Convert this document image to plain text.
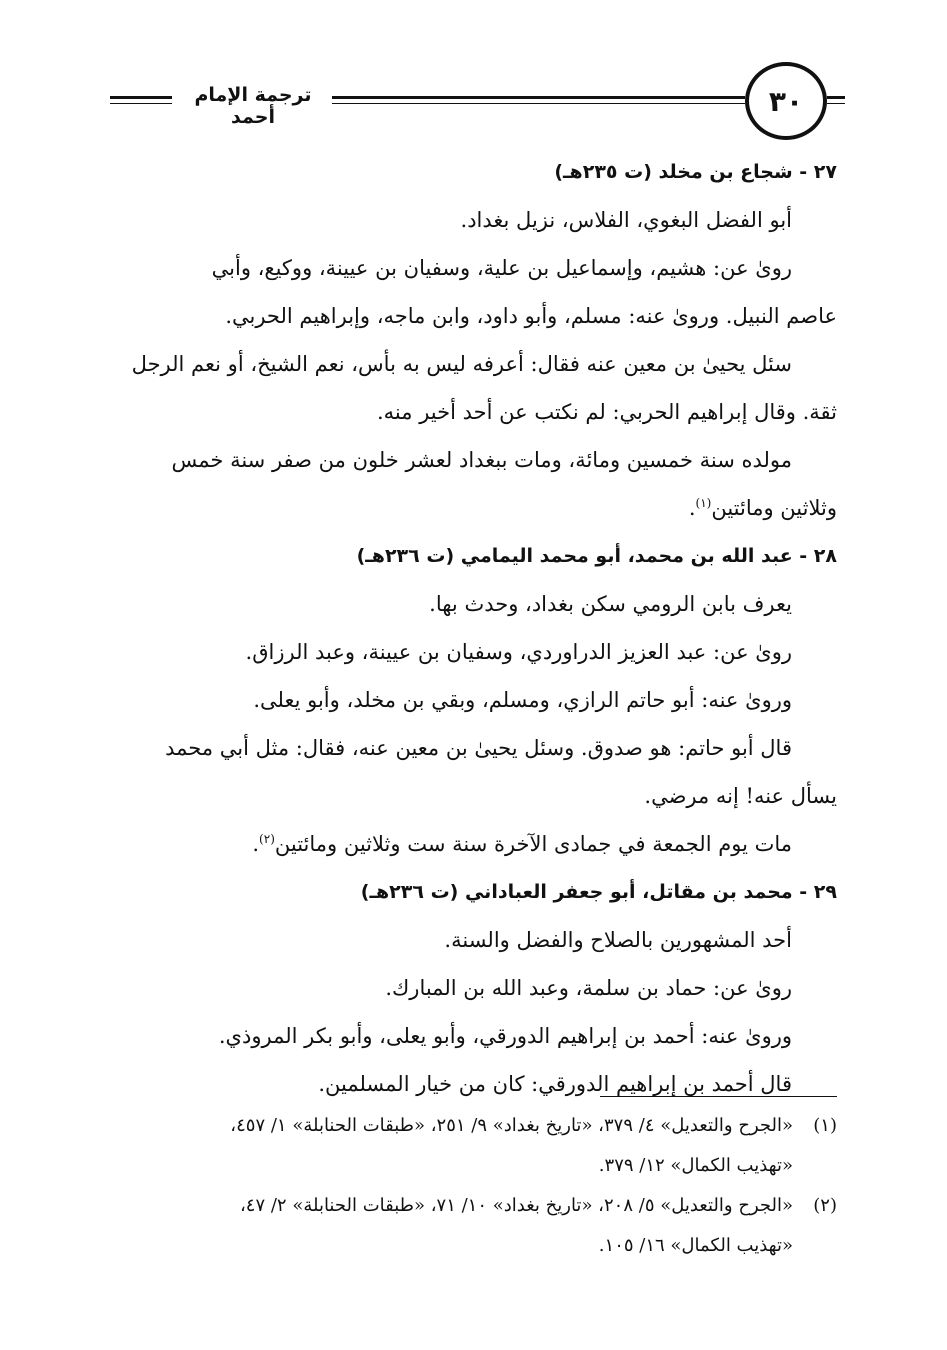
ترجمة الإمام أحمد	٣٠
٢٧ - شجاع بن مخلد (ت ٢٣٥هـ)
أبو الفضل البغوي، الفلاس، نزيل بغداد.
روىٰ عن: هشيم، وإسماعيل بن علية، وسفيان بن عيينة، ووكيع، وأبي
عاصم النبيل. وروىٰ عنه: مسلم، وأبو داود، وابن ماجه، وإبراهيم الحربي.
سئل يحيىٰ بن معين عنه فقال: أعرفه ليس به بأس، نعم الشيخ، أو نعم الرجل
ثقة. وقال إبراهيم الحربي: لم نكتب عن أحد أخير منه.
مولده سنة خمسين ومائة، ومات ببغداد لعشر خلون من صفر سنة خمس
وثلاثين ومائتين$^{(١)}$.
٢٨ - عبد الله بن محمد، أبو محمد اليمامي (ت ٢٣٦هـ)
يعرف بابن الرومي سكن بغداد، وحدث بها.
روىٰ عن: عبد العزيز الدراوردي، وسفيان بن عيينة، وعبد الرزاق.
وروىٰ عنه: أبو حاتم الرازي، ومسلم، وبقي بن مخلد، وأبو يعلى.
قال أبو حاتم: هو صدوق. وسئل يحيىٰ بن معين عنه، فقال: مثل أبي محمد
يسأل عنه! إنه مرضي.
مات يوم الجمعة في جمادى الآخرة سنة ست وثلاثين ومائتين$^{(٢)}$.
٢٩ - محمد بن مقاتل، أبو جعفر العباداني (ت ٢٣٦هـ)
أحد المشهورين بالصلاح والفضل والسنة.
روىٰ عن: حماد بن سلمة، وعبد الله بن المبارك.
وروىٰ عنه: أحمد بن إبراهيم الدورقي، وأبو يعلى، وأبو بكر المروذي.
قال أحمد بن إبراهيم الدورقي: كان من خيار المسلمين.
(١)«الجرح والتعديل» ٤/ ٣٧٩، «تاريخ بغداد» ٩/ ٢٥١، «طبقات الحنابلة» ١/ ٤٥٧،
«تهذيب الكمال» ١٢/ ٣٧٩.
(٢)«الجرح والتعديل» ٥/ ٢٠٨، «تاريخ بغداد» ١٠/ ٧١، «طبقات الحنابلة» ٢/ ٤٧،
«تهذيب الكمال» ١٦/ ١٠٥.
